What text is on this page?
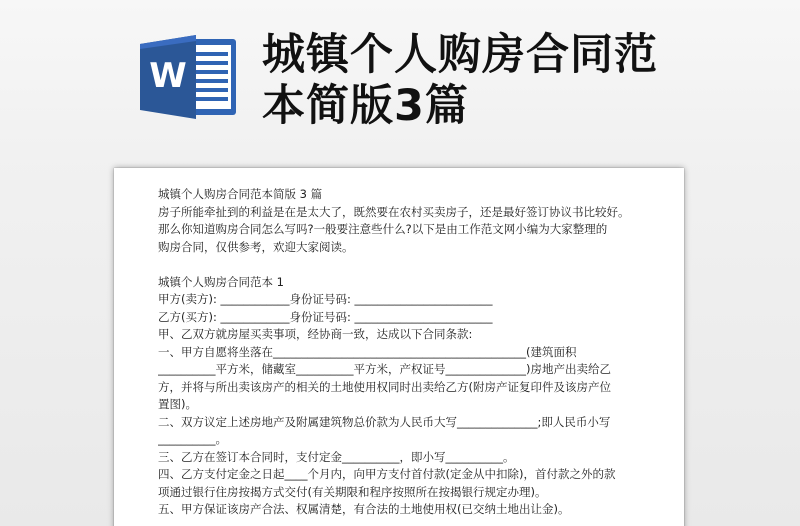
W 城镇个人购房合同范
本简版3篇

城镇个人购房合同范本简版 3 篇

房子所能牵扯到的利益是在是太大了，既然要在农村买卖房子，还是最好签订协议书比较好。

那么你知道购房合同怎么写吗?一般要注意些什么?以下是由工作范文网小编为大家整理的

购房合同，仅供参考，欢迎大家阅读。

城镇个人购房合同范本 1

甲方(卖方): ____________身份证号码: ________________________

乙方(买方): ____________身份证号码: ________________________

甲、乙双方就房屋买卖事项，经协商一致，达成以下合同条款:

一、甲方自愿将坐落在____________________________________________(建筑面积

__________平方米，储藏室__________平方米，产权证号______________)房地产出卖给乙

方，并将与所出卖该房产的相关的土地使用权同时出卖给乙方(附房产证复印件及该房产位

置图)。

二、双方议定上述房地产及附属建筑物总价款为人民币大写______________;即人民币小写

__________。

三、乙方在签订本合同时，支付定金__________，即小写__________。

四、乙方支付定金之日起____个月内，向甲方支付首付款(定金从中扣除)，首付款之外的款

项通过银行住房按揭方式交付(有关期限和程序按照所在按揭银行规定办理)。

五、甲方保证该房产合法、权属清楚，有合法的土地使用权(已交纳土地出让金)。
